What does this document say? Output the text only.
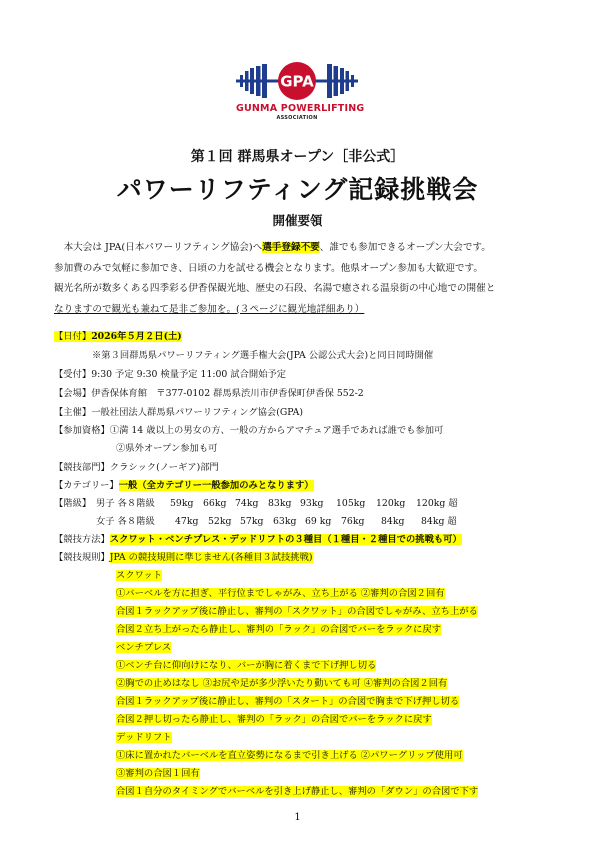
GPA
GUNMA POWERLIFTING
ASSOCIATION
第１回 群馬県オープン［非公式］
パワーリフティング記録挑戦会
開催要領
　本大会は JPA(日本パワーリフティング協会)へ選手登録不要、誰でも参加できるオープン大会です。
参加費のみで気軽に参加でき、日頃の力を試せる機会となります。他県オープン参加も大歓迎です。
観光名所が数多くある四季彩る伊香保観光地、歴史の石段、名湯で癒される温泉街の中心地での開催と
なりますので観光も兼ねて是非ご参加を。(３ページに観光地詳細あり）
【日付】2026年５月２日(土)
※第３回群馬県パワーリフティング選手権大会(JPA 公認公式大会)と同日同時開催
【受付】9:30 予定 9:30 検量予定 11:00 試合開始予定
【会場】伊香保体育館　〒377-0102 群馬県渋川市伊香保町伊香保 552-2
【主催】一般社団法人群馬県パワーリフティング協会(GPA)
【参加資格】①満 14 歳以上の男女の方、一般の方からアマチュア選手であれば誰でも参加可
②県外オープン参加も可
【競技部門】クラシック(ノーギア)部門
【カテゴリー】一般（全カテゴリー一般参加のみとなります）
【階級】 男子 各８階級 59kg 66kg 74kg 83kg 93kg 105kg 120kg 120kg 超
女子 各８階級 47kg 52kg 57kg 63kg 69 kg 76kg 84kg 84kg 超
【競技方法】スクワット・ベンチプレス・デッドリフトの３種目（１種目・２種目での挑戦も可）
【競技規則】JPA の競技規則に準じません(各種目３試技挑戦)
スクワット
①バーベルを方に担ぎ、平行位までしゃがみ、立ち上がる ②審判の合図２回有
合図１ラックアップ後に静止し、審判の「スクワット」の合図でしゃがみ、立ち上がる
合図２立ち上がったら静止し、審判の「ラック」の合図でバーをラックに戻す
ベンチプレス
①ベンチ台に仰向けになり、バーが胸に着くまで下げ押し切る
②胸での止めはなし ③お尻や足が多少浮いたり動いても可 ④審判の合図２回有
合図１ラックアップ後に静止し、審判の「スタート」の合図で胸まで下げ押し切る
合図２押し切ったら静止し、審判の「ラック」の合図でバーをラックに戻す
デッドリフト
①床に置かれたバーベルを直立姿勢になるまで引き上げる ②パワーグリップ使用可
③審判の合図１回有
合図１自分のタイミングでバーベルを引き上げ静止し、審判の「ダウン」の合図で下す
1
